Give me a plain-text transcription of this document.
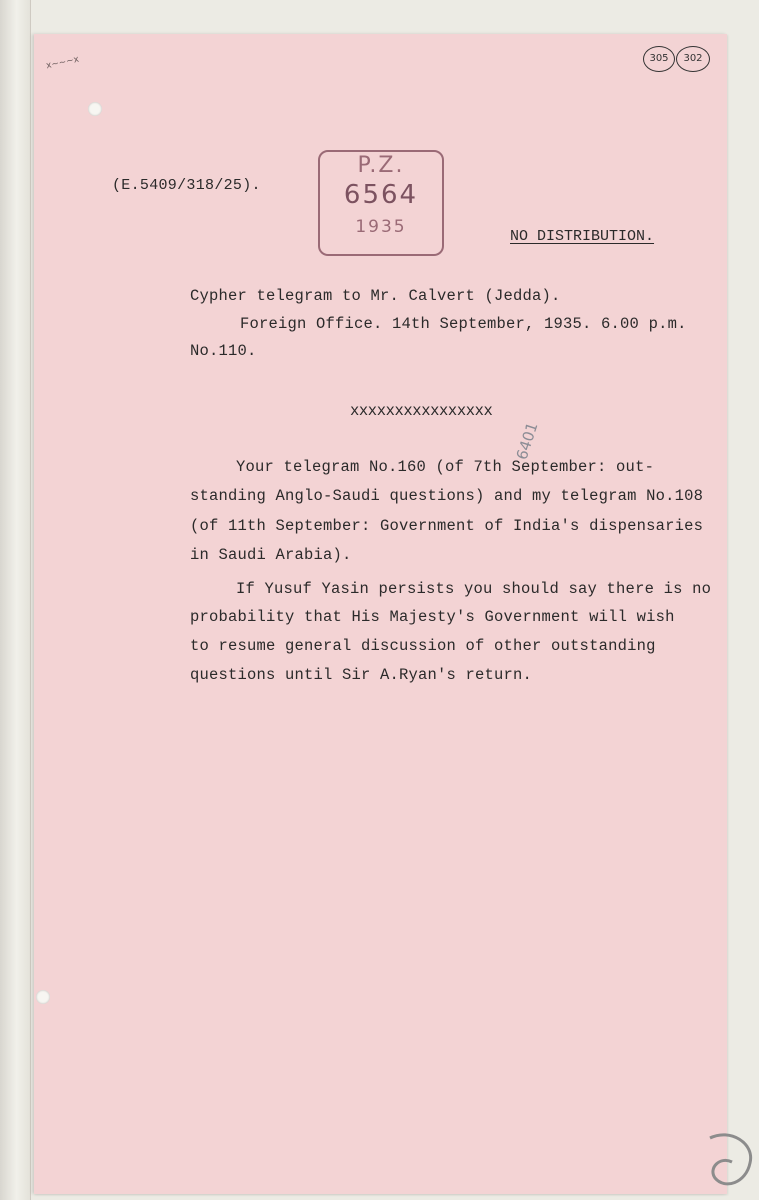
305	302
x~~~x
(E.5409/318/25).
P.Z.
6564
1935	NO DISTRIBUTION.
Cypher telegram to Mr. Calvert (Jedda).
Foreign Office. 14th September, 1935. 6.00 p.m.
No.110.
xxxxxxxxxxxxxxxx
6401
Your telegram No.160 (of 7th September: out-
standing Anglo-Saudi questions) and my telegram No.108
(of 11th September: Government of India's dispensaries
in Saudi Arabia).
If Yusuf Yasin persists you should say there is no
probability that His Majesty's Government will wish
to resume general discussion of other outstanding
questions until Sir A.Ryan's return.
